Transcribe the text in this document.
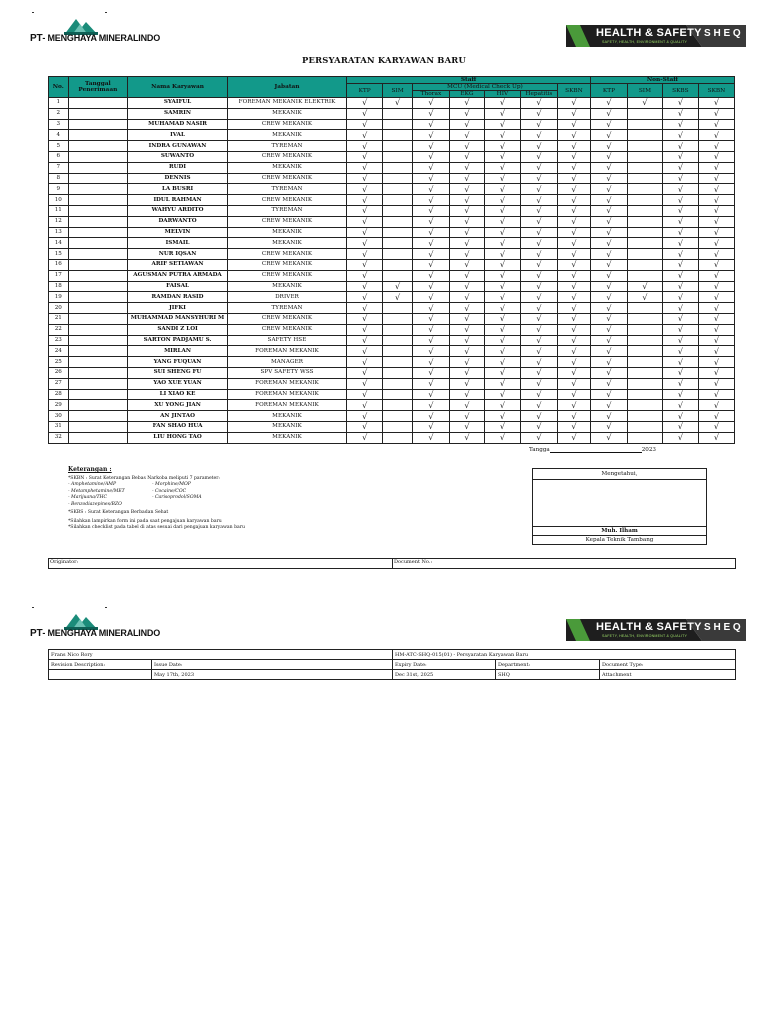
PT- MENGHAYA MINERALINDO	HEALTH & SAFETY
SAFETY, HEALTH, ENVIRONMENT & QUALITY
S H E Q
PERSYARATAN KARYAWAN BARU
No.	Tanggal Penerimaan	Nama Karyawan	Jabatan	Staff							Non-Staff			
				KTP	SIM	MCU (Medical Check Up)				SKBN	KTP	SIM	SKBS	SKBN
						Thorax	EKG	HIV	Hepatitis					
1		SYAIFUL	FOREMAN MEKANIK ELEKTRIK	√	√	√	√	√	√	√	√	√	√	√
2		SAMRIN	MEKANIK	√		√	√	√	√	√	√		√	√
3		MUHAMAD NASIR	CREW MEKANIK	√		√	√	√	√	√	√		√	√
4		IVAL	MEKANIK	√		√	√	√	√	√	√		√	√
5		INDRA GUNAWAN	TYREMAN	√		√	√	√	√	√	√		√	√
6		SUWANTO	CREW MEKANIK	√		√	√	√	√	√	√		√	√
7		RUDI	MEKANIK	√		√	√	√	√	√	√		√	√
8		DENNIS	CREW MEKANIK	√		√	√	√	√	√	√		√	√
9		LA BUSRI	TYREMAN	√		√	√	√	√	√	√		√	√
10		IDUL RAHMAN	CREW MEKANIK	√		√	√	√	√	√	√		√	√
11		WAHYU ARDITO	TYREMAN	√		√	√	√	√	√	√		√	√
12		DARWANTO	CREW MEKANIK	√		√	√	√	√	√	√		√	√
13		MELVIN	MEKANIK	√		√	√	√	√	√	√		√	√
14		ISMAIL	MEKANIK	√		√	√	√	√	√	√		√	√
15		NUR IQSAN	CREW MEKANIK	√		√	√	√	√	√	√		√	√
16		ARIF SETIAWAN	CREW MEKANIK	√		√	√	√	√	√	√		√	√
17		AGUSMAN PUTRA ARMADA	CREW MEKANIK	√		√	√	√	√	√	√		√	√
18		FAISAL	MEKANIK	√	√	√	√	√	√	√	√	√	√	√
19		RAMDAN RASID	DRIVER	√	√	√	√	√	√	√	√	√	√	√
20		JIFKI	TYREMAN	√		√	√	√	√	√	√		√	√
21		MUHAMMAD MANSYHURI M	CREW MEKANIK	√		√	√	√	√	√	√		√	√
22		SANDI Z LOI	CREW MEKANIK	√		√	√	√	√	√	√		√	√
23		SARTON PADJAMU S.	SAFETY HSE	√		√	√	√	√	√	√		√	√
24		MIRLAN	FOREMAN MEKANIK	√		√	√	√	√	√	√		√	√
25		YANG FUQUAN	MANAGER	√		√	√	√	√	√	√		√	√
26		SUI SHENG FU	SPV SAFETY WSS	√		√	√	√	√	√	√		√	√
27		YAO XUE YUAN	FOREMAN MEKANIK	√		√	√	√	√	√	√		√	√
28		LI XIAO KE	FOREMAN MEKANIK	√		√	√	√	√	√	√		√	√
29		XU YONG JIAN	FOREMAN MEKANIK	√		√	√	√	√	√	√		√	√
30		AN JINTAO	MEKANIK	√		√	√	√	√	√	√		√	√
31		FAN SHAO HUA	MEKANIK	√		√	√	√	√	√	√		√	√
32		LIU HONG TAO	MEKANIK	√		√	√	√	√	√	√		√	√
Tangga	2023
Keterangan :
*SKBN : Surat Keterangan Bebas Narkoba meliputi 7 parameter:
- Amphetamine/AMP
- Metamphetamine/MET
- Marijuana/THC
- Benzodiazepines/BZO
- Morphine/MOP
- Cocaine/COC
- Carisoprodol/SOMA
*SKBS : Surat Keterangan Berbadan Sehat
*Silahkan lampirkan form ini pada saat pengajuan karyawan baru
*Silahkan checklist pada tabel di atas sesuai dari pengajuan karyawan baru
Mengetahui,
Muh. Ilham
Kepala Teknik Tambang
Originator:	Document No.:
PT- MENGHAYA MINERALINDO	HEALTH & SAFETY
SAFETY, HEALTH, ENVIRONMENT & QUALITY
S H E Q
Frans Nico Rory		HM-ATC-SHQ-015(01) - Persyaratan Karyawan Baru		
Revision Description:	Issue Date:	Expiry Date:	Department:	Document Type:
	May 17th, 2023	Dec 31st, 2025	SHQ	Attachment
